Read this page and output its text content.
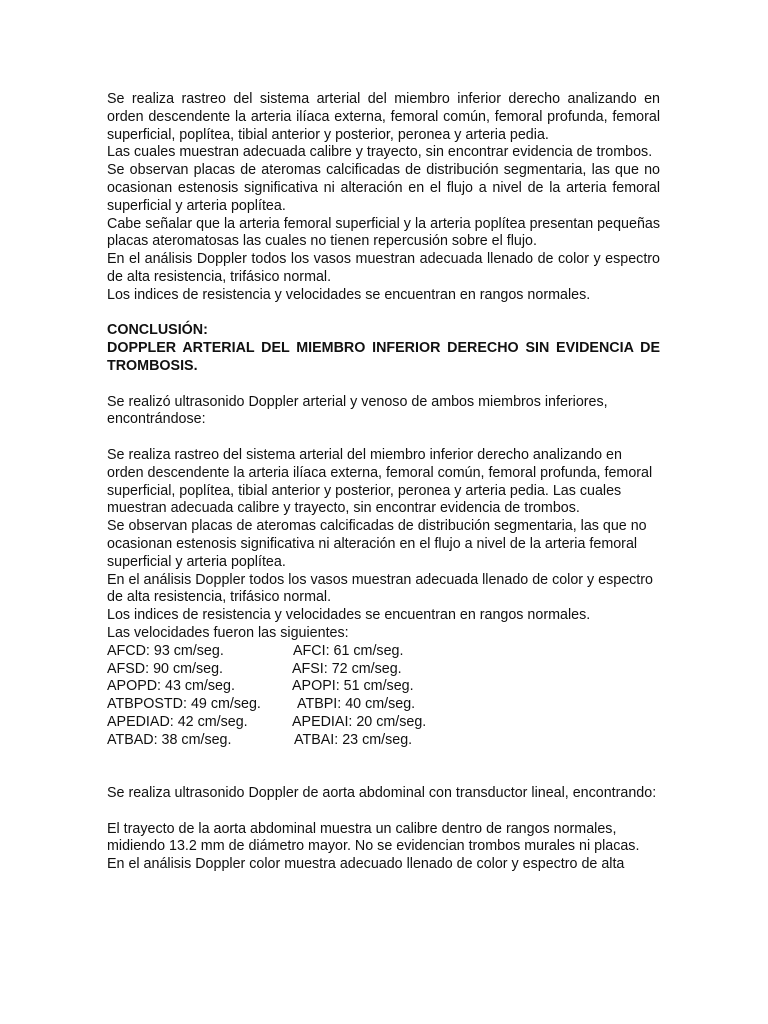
Se realiza rastreo del sistema arterial del miembro inferior derecho analizando en orden descendente la arteria ilíaca externa, femoral común, femoral profunda, femoral superficial, poplítea, tibial anterior y posterior, peronea y arteria pedia.

Las cuales muestran adecuada calibre y trayecto, sin encontrar evidencia de trombos.

Se observan placas de ateromas calcificadas de distribución segmentaria, las que no ocasionan estenosis significativa ni alteración en el flujo a nivel de la arteria femoral superficial y arteria poplítea.

Cabe señalar que la arteria femoral superficial y la arteria poplítea presentan pequeñas placas ateromatosas las cuales no tienen repercusión sobre el flujo.

En el análisis Doppler todos los vasos muestran adecuada llenado de color y espectro de alta resistencia, trifásico normal.

Los indices de resistencia y velocidades se encuentran en rangos normales.

CONCLUSIÓN:

DOPPLER ARTERIAL DEL MIEMBRO INFERIOR DERECHO SIN EVIDENCIA DE TROMBOSIS.

Se realizó ultrasonido Doppler arterial y venoso de ambos miembros inferiores, encontrándose:

Se realiza rastreo del sistema arterial del miembro inferior derecho analizando en orden descendente la arteria ilíaca externa, femoral común, femoral profunda, femoral superficial, poplítea, tibial anterior y posterior, peronea y arteria pedia. Las cuales muestran adecuada calibre y trayecto, sin encontrar evidencia de trombos.

Se observan placas de ateromas calcificadas de distribución segmentaria, las que no ocasionan estenosis significativa ni alteración en el flujo a nivel de la arteria femoral superficial y arteria poplítea.

En el análisis Doppler todos los vasos muestran adecuada llenado de color y espectro de alta resistencia, trifásico normal.

Los indices de resistencia y velocidades se encuentran en rangos normales.

Las velocidades fueron las siguientes:

AFCD: 93 cm/seg.	AFCI: 61 cm/seg.
AFSD: 90 cm/seg.	AFSI: 72 cm/seg.
APOPD: 43 cm/seg.	APOPI: 51 cm/seg.
ATBPOSTD: 49 cm/seg.	ATBPI: 40 cm/seg.
APEDIAD: 42 cm/seg.	APEDIAI: 20 cm/seg.
ATBAD: 38 cm/seg.	ATBAI: 23 cm/seg.

Se realiza ultrasonido Doppler de aorta abdominal con transductor lineal, encontrando:

El trayecto de la aorta abdominal muestra un calibre dentro de rangos normales, midiendo 13.2 mm de diámetro mayor. No se evidencian trombos murales ni placas.

En el análisis Doppler color muestra adecuado llenado de color y espectro de alta
